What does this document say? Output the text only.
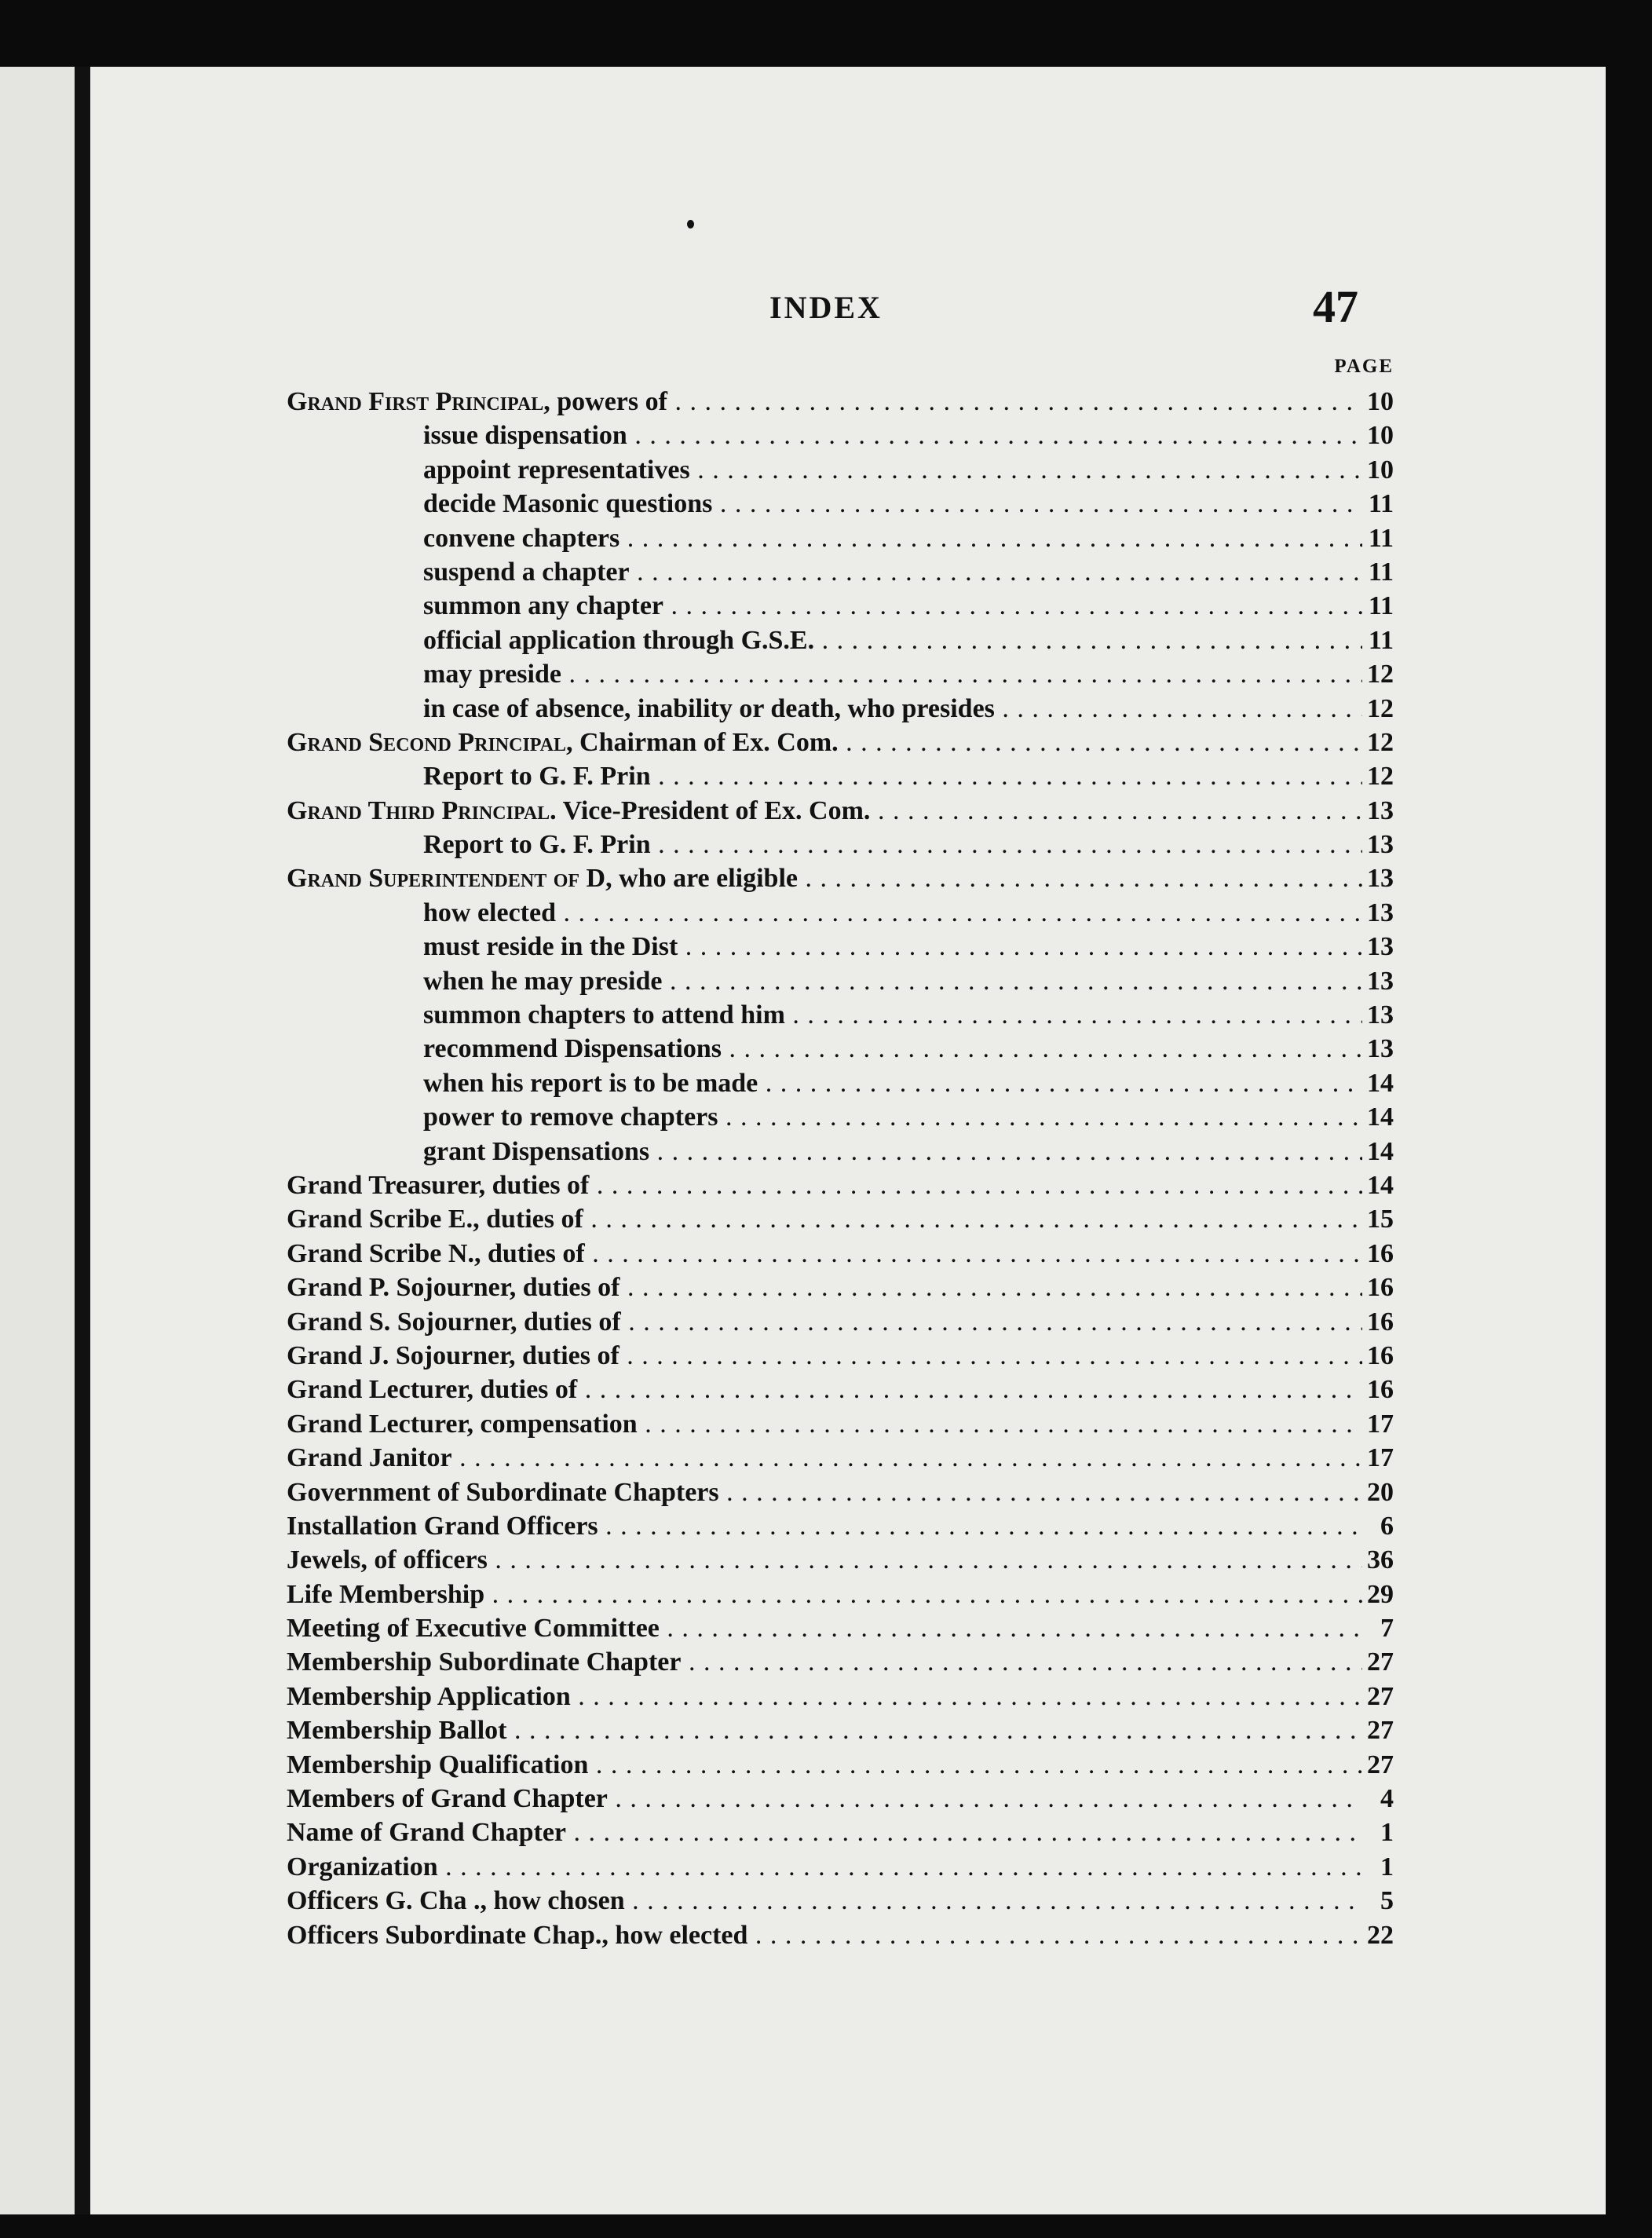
INDEX	47
PAGE
Grand First Principal, powers of . . .	10
issue dispensation . . .	10
appoint representatives . . .	10
decide Masonic questions . . .	11
convene chapters . . .	11
suspend a chapter . . .	11
summon any chapter . . .	11
official application through G.S.E. . . .	11
may preside . . .	12
in case of absence, inability or death, who presides . . .	12
Grand Second Principal, Chairman of Ex. Com. . . .	12
Report to G. F. Prin . . .	12
Grand Third Principal. Vice-President of Ex. Com. . . .	13
Report to G. F. Prin . . .	13
Grand Superintendent of D, who are eligible . . .	13
how elected . . .	13
must reside in the Dist . . .	13
when he may preside . . .	13
summon chapters to attend him . . .	13
recommend Dispensations . . .	13
when his report is to be made . . .	14
power to remove chapters . . .	14
grant Dispensations . . .	14
Grand Treasurer, duties of . . .	14
Grand Scribe E., duties of . . .	15
Grand Scribe N., duties of . . .	16
Grand P. Sojourner, duties of . . .	16
Grand S. Sojourner, duties of . . .	16
Grand J. Sojourner, duties of . . .	16
Grand Lecturer, duties of . . .	16
Grand Lecturer, compensation . . .	17
Grand Janitor . . .	17
Government of Subordinate Chapters . . .	20
Installation Grand Officers . . .	6
Jewels, of officers . . .	36
Life Membership . . .	29
Meeting of Executive Committee . . .	7
Membership Subordinate Chapter . . .	27
Membership Application . . .	27
Membership Ballot . . .	27
Membership Qualification . . .	27
Members of Grand Chapter . . .	4
Name of Grand Chapter . . .	1
Organization . . .	1
Officers G. Cha ., how chosen . . .	5
Officers Subordinate Chap., how elected . . .	22
